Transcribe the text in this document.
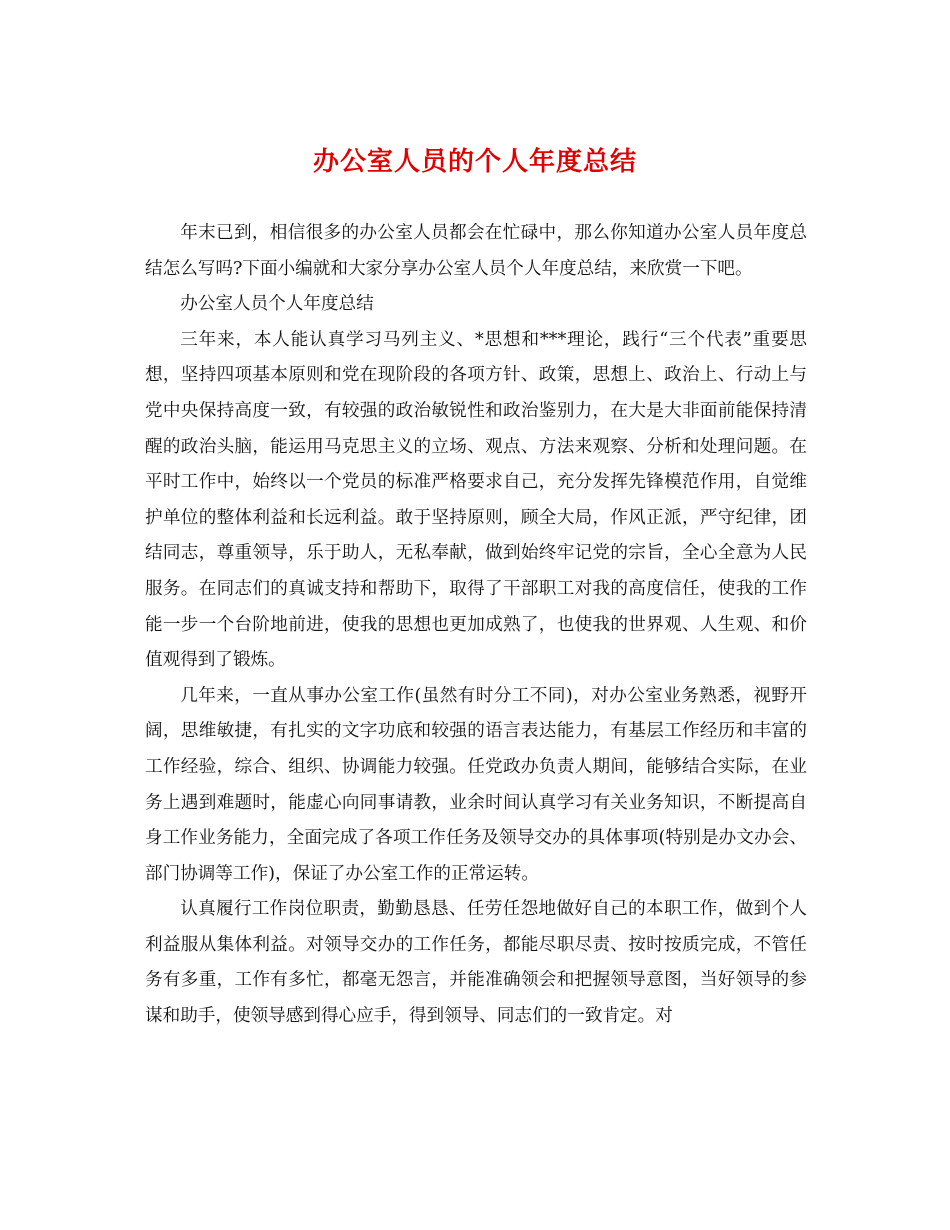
办公室人员的个人年度总结

年末已到，相信很多的办公室人员都会在忙碌中，那么你知道办公室人员年度总结怎么写吗?下面小编就和大家分享办公室人员个人年度总结，来欣赏一下吧。

办公室人员个人年度总结

三年来，本人能认真学习马列主义、*思想和***理论，践行“三个代表”重要思想，坚持四项基本原则和党在现阶段的各项方针、政策，思想上、政治上、行动上与党中央保持高度一致，有较强的政治敏锐性和政治鉴别力，在大是大非面前能保持清醒的政治头脑，能运用马克思主义的立场、观点、方法来观察、分析和处理问题。在平时工作中，始终以一个党员的标准严格要求自己，充分发挥先锋模范作用，自觉维护单位的整体利益和长远利益。敢于坚持原则，顾全大局，作风正派，严守纪律，团结同志，尊重领导，乐于助人，无私奉献，做到始终牢记党的宗旨，全心全意为人民服务。在同志们的真诚支持和帮助下，取得了干部职工对我的高度信任，使我的工作能一步一个台阶地前进，使我的思想也更加成熟了，也使我的世界观、人生观、和价值观得到了锻炼。

几年来，一直从事办公室工作(虽然有时分工不同)，对办公室业务熟悉，视野开阔，思维敏捷，有扎实的文字功底和较强的语言表达能力，有基层工作经历和丰富的工作经验，综合、组织、协调能力较强。任党政办负责人期间，能够结合实际，在业务上遇到难题时，能虚心向同事请教，业余时间认真学习有关业务知识，不断提高自身工作业务能力，全面完成了各项工作任务及领导交办的具体事项(特别是办文办会、部门协调等工作)，保证了办公室工作的正常运转。

认真履行工作岗位职责，勤勤恳恳、任劳任怨地做好自己的本职工作，做到个人利益服从集体利益。对领导交办的工作任务，都能尽职尽责、按时按质完成，不管任务有多重，工作有多忙，都毫无怨言，并能准确领会和把握领导意图，当好领导的参谋和助手，使领导感到得心应手，得到领导、同志们的一致肯定。对
